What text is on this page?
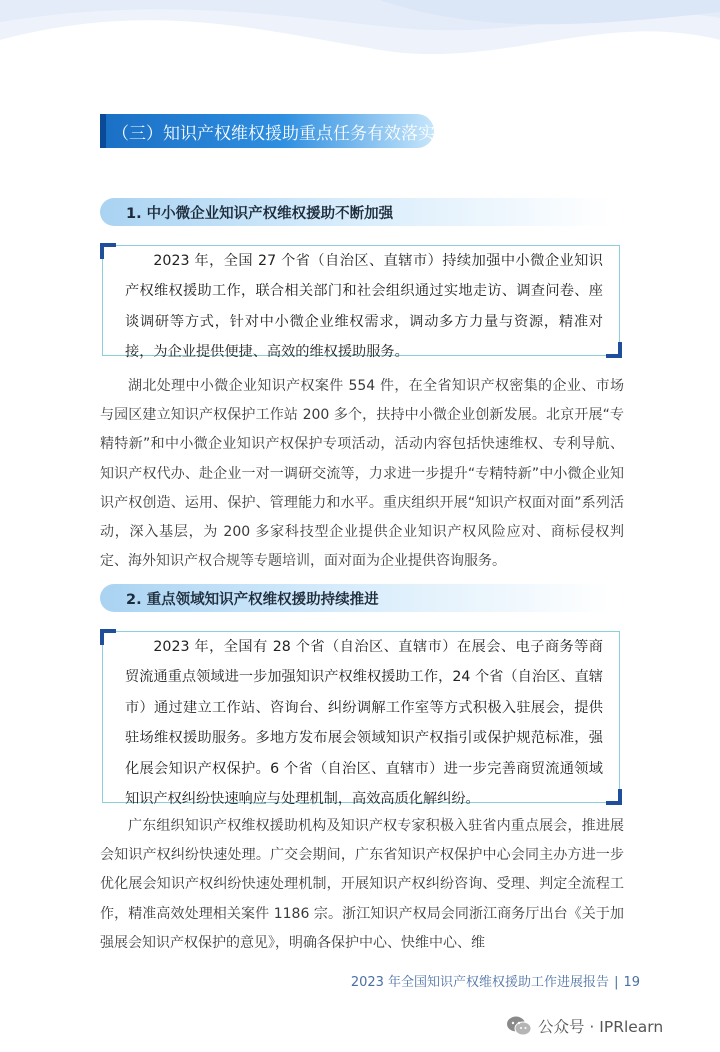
（三）知识产权维权援助重点任务有效落实
1. 中小微企业知识产权维权援助不断加强

2023 年，全国 27 个省（自治区、直辖市）持续加强中小微企业知识产权维权援助工作，联合相关部门和社会组织通过实地走访、调查问卷、座谈调研等方式，针对中小微企业维权需求，调动多方力量与资源，精准对接，为企业提供便捷、高效的维权援助服务。

湖北处理中小微企业知识产权案件 554 件，在全省知识产权密集的企业、市场与园区建立知识产权保护工作站 200 多个，扶持中小微企业创新发展。北京开展“专精特新”和中小微企业知识产权保护专项活动，活动内容包括快速维权、专利导航、知识产权代办、赴企业一对一调研交流等，力求进一步提升“专精特新”中小微企业知识产权创造、运用、保护、管理能力和水平。重庆组织开展“知识产权面对面”系列活动，深入基层，为 200 多家科技型企业提供企业知识产权风险应对、商标侵权判定、海外知识产权合规等专题培训，面对面为企业提供咨询服务。

2. 重点领域知识产权维权援助持续推进

2023 年，全国有 28 个省（自治区、直辖市）在展会、电子商务等商贸流通重点领域进一步加强知识产权维权援助工作，24 个省（自治区、直辖市）通过建立工作站、咨询台、纠纷调解工作室等方式积极入驻展会，提供驻场维权援助服务。多地方发布展会领域知识产权指引或保护规范标准，强化展会知识产权保护。6 个省（自治区、直辖市）进一步完善商贸流通领域知识产权纠纷快速响应与处理机制，高效高质化解纠纷。

广东组织知识产权维权援助机构及知识产权专家积极入驻省内重点展会，推进展会知识产权纠纷快速处理。广交会期间，广东省知识产权保护中心会同主办方进一步优化展会知识产权纠纷快速处理机制，开展知识产权纠纷咨询、受理、判定全流程工作，精准高效处理相关案件 1186 宗。浙江知识产权局会同浙江商务厅出台《关于加强展会知识产权保护的意见》，明确各保护中心、快维中心、维

2023 年全国知识产权维权援助工作进展报告 | 19
公众号 · IPRlearn
